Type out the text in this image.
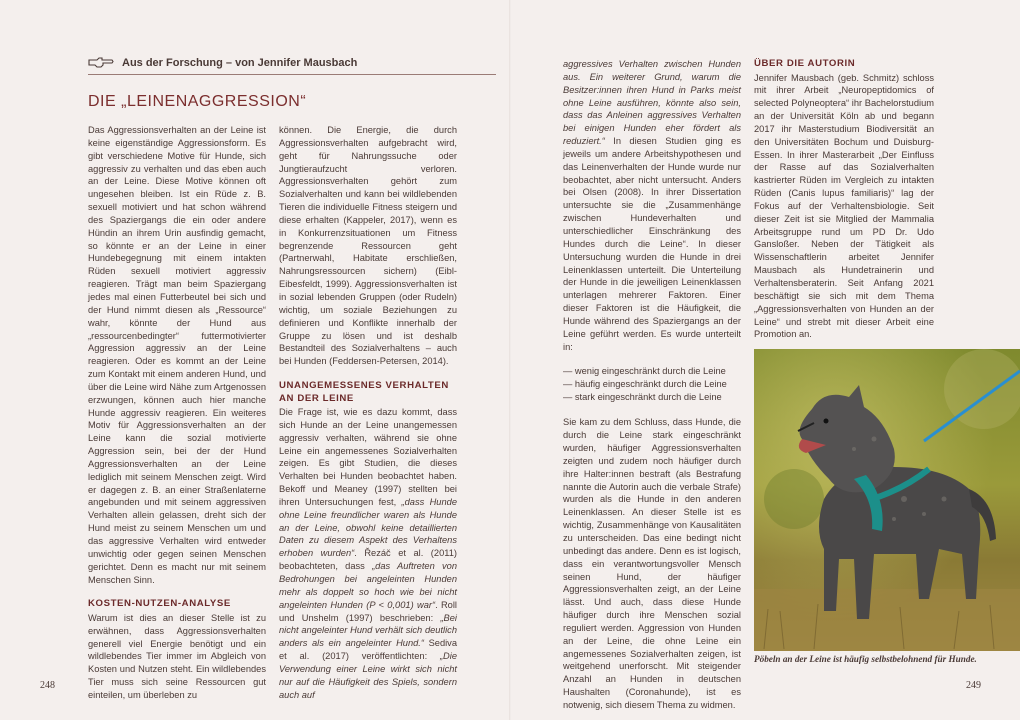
Aus der Forschung – von Jennifer Mausbach
DIE „LEINENAGGRESSION“

Das Aggressionsverhalten an der Leine ist keine eigenständige Aggressionsform. Es gibt verschiedene Motive für Hunde, sich aggressiv zu verhalten und das eben auch an der Leine. Diese Motive können oft ungesehen bleiben. Ist ein Rüde z. B. sexuell motiviert und hat schon während des Spaziergangs die ein oder andere Hündin an ihrem Urin ausfindig gemacht, so könnte er an der Leine in einer Hundebegegnung mit einem intakten Rüden sexuell motiviert aggressiv reagieren. Trägt man beim Spaziergang jedes mal einen Futterbeutel bei sich und der Hund nimmt diesen als „Ressource“ wahr, könnte der Hund aus „ressourcenbedingter“ futtermotivierter Aggression aggressiv an der Leine reagieren. Oder es kommt an der Leine zum Kontakt mit einem anderen Hund, und über die Leine wird Nähe zum Artgenossen erzwungen, können auch hier manche Hunde aggressiv reagieren. Ein weiteres Motiv für Aggressionsverhalten an der Leine kann die sozial motivierte Aggression sein, bei der der Hund Aggressionsverhalten an der Leine lediglich mit seinem Menschen zeigt. Wird er dagegen z. B. an einer Straßenlaterne angebunden und mit seinem aggressiven Verhalten allein gelassen, dreht sich der Hund meist zu seinem Menschen um und das aggressive Verhalten wird entweder unwichtig oder gegen seinen Menschen gerichtet. Denn es macht nur mit seinem Menschen Sinn.

KOSTEN-NUTZEN-ANALYSE

Warum ist dies an dieser Stelle ist zu erwähnen, dass Aggressionsverhalten generell viel Energie benötigt und ein wildlebendes Tier immer im Abgleich von Kosten und Nutzen steht. Ein wildlebendes Tier muss sich seine Ressourcen gut einteilen, um überleben zu

können. Die Energie, die durch Aggressionsverhalten aufgebracht wird, geht für Nahrungssuche oder Jungtieraufzucht verloren. Aggressionsverhalten gehört zum Sozialverhalten und kann bei wildlebenden Tieren die individuelle Fitness steigern und diese erhalten (Kappeler, 2017), wenn es in Konkurrenzsituationen um Fitness begrenzende Ressourcen geht (Partnerwahl, Habitate erschließen, Nahrungsressourcen sichern) (Eibl-Eibesfeldt, 1999). Aggressionsverhalten ist in sozial lebenden Gruppen (oder Rudeln) wichtig, um soziale Beziehungen zu definieren und Konflikte innerhalb der Gruppe zu lösen und ist deshalb Bestandteil des Sozialverhaltens – auch bei Hunden (Feddersen-Petersen, 2014).

UNANGEMESSENES VERHALTEN AN DER LEINE

Die Frage ist, wie es dazu kommt, dass sich Hunde an der Leine unangemessen aggressiv verhalten, während sie ohne Leine ein angemessenes Sozialverhalten zeigen. Es gibt Studien, die dieses Verhalten bei Hunden beobachtet haben. Bekoff und Meaney (1997) stellten bei ihren Untersuchungen fest, „dass Hunde ohne Leine freundlicher waren als Hunde an der Leine, obwohl keine detaillierten Daten zu diesem Aspekt des Verhaltens erhoben wurden“. Řezáč et al. (2011) beobachteten, dass „das Auftreten von Bedrohungen bei angeleinten Hunden mehr als doppelt so hoch wie bei nicht angeleinten Hunden (P < 0,001) war“. Roll und Unshelm (1997) beschrieben: „Bei nicht angeleinter Hund verhält sich deutlich anders als ein angeleinter Hund.“ Sediva et al. (2017) veröffentlichten: „Die Verwendung einer Leine wirkt sich nicht nur auf die Häufigkeit des Spiels, sondern auch auf

aggressives Verhalten zwischen Hunden aus. Ein weiterer Grund, warum die Besitzer:innen ihren Hund in Parks meist ohne Leine ausführen, könnte also sein, dass das Anleinen aggressives Verhalten bei einigen Hunden eher fördert als reduziert.“ In diesen Studien ging es jeweils um andere Arbeitshypothesen und das Leinenverhalten der Hunde wurde nur beobachtet, aber nicht untersucht. Anders bei Olsen (2008). In ihrer Dissertation untersuchte sie die „Zusammenhänge zwischen Hundeverhalten und unterschiedlicher Einschränkung des Hundes durch die Leine“. In dieser Untersuchung wurden die Hunde in drei Leinenklassen unterteilt. Die Unterteilung der Hunde in die jeweiligen Leinenklassen unterlagen mehrerer Faktoren. Einer dieser Faktoren ist die Häufigkeit, die Hunde während des Spaziergangs an der Leine geführt werden. Es wurde unterteilt in:

— wenig eingeschränkt durch die Leine
— häufig eingeschränkt durch die Leine
— stark eingeschränkt durch die Leine

Sie kam zu dem Schluss, dass Hunde, die durch die Leine stark eingeschränkt wurden, häufiger Aggressionsverhalten zeigten und zudem noch häufiger durch ihre Halter:innen bestraft (als Bestrafung nannte die Autorin auch die verbale Strafe) wurden als die Hunde in den anderen Leinenklassen. An dieser Stelle ist es wichtig, Zusammenhänge von Kausalitäten zu unterscheiden. Das eine bedingt nicht unbedingt das andere. Denn es ist logisch, dass ein verantwortungsvoller Mensch seinen Hund, der häufiger Aggressionsverhalten zeigt, an der Leine lässt. Und auch, dass diese Hunde häufiger durch ihre Menschen sozial reguliert werden. Aggression von Hunden an der Leine, die ohne Leine ein angemessenes Sozialverhalten zeigen, ist weitgehend unerforscht. Mit steigender Anzahl an Hunden in deutschen Haushalten (Coronahunde), ist es notwenig, sich diesem Thema zu widmen.

ÜBER DIE AUTORIN

Jennifer Mausbach (geb. Schmitz) schloss mit ihrer Arbeit „Neuropeptidomics of selected Polyneoptera“ ihr Bachelorstudium an der Universität Köln ab und begann 2017 ihr Masterstudium Biodiversität an den Universitäten Bochum und Duisburg-Essen. In ihrer Masterarbeit „Der Einfluss der Rasse auf das Sozialverhalten kastrierter Rüden im Vergleich zu intakten Rüden (Canis lupus familiaris)“ lag der Fokus auf der Verhaltensbiologie. Seit dieser Zeit ist sie Mitglied der Mammalia Arbeitsgruppe rund um PD Dr. Udo Gansloßer. Neben der Tätigkeit als Wissenschaftlerin arbeitet Jennifer Mausbach als Hundetrainerin und Verhaltensberaterin. Seit Anfang 2021 beschäftigt sie sich mit dem Thema „Aggressionsverhalten von Hunden an der Leine“ und strebt mit dieser Arbeit eine Promotion an.

Pöbeln an der Leine ist häufig selbstbelohnend für Hunde.
248	249
